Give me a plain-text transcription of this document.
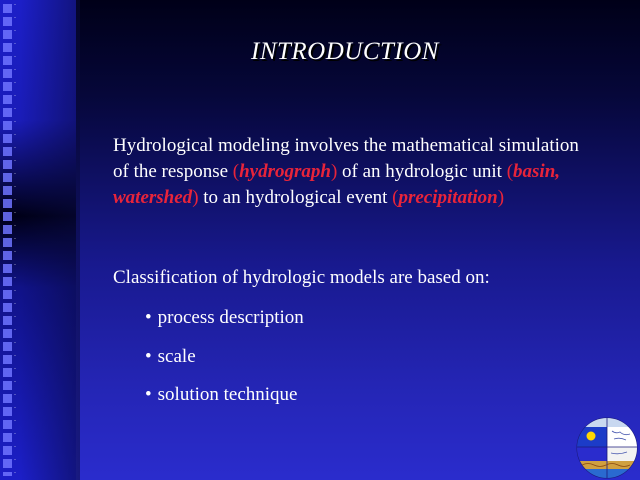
INTRODUCTION
Hydrological modeling involves the mathematical simulation of the response (hydrograph) of an hydrologic unit (basin, watershed) to an hydrological event (precipitation)
Classification of hydrologic models are based on:
• process description
• scale
• solution technique
